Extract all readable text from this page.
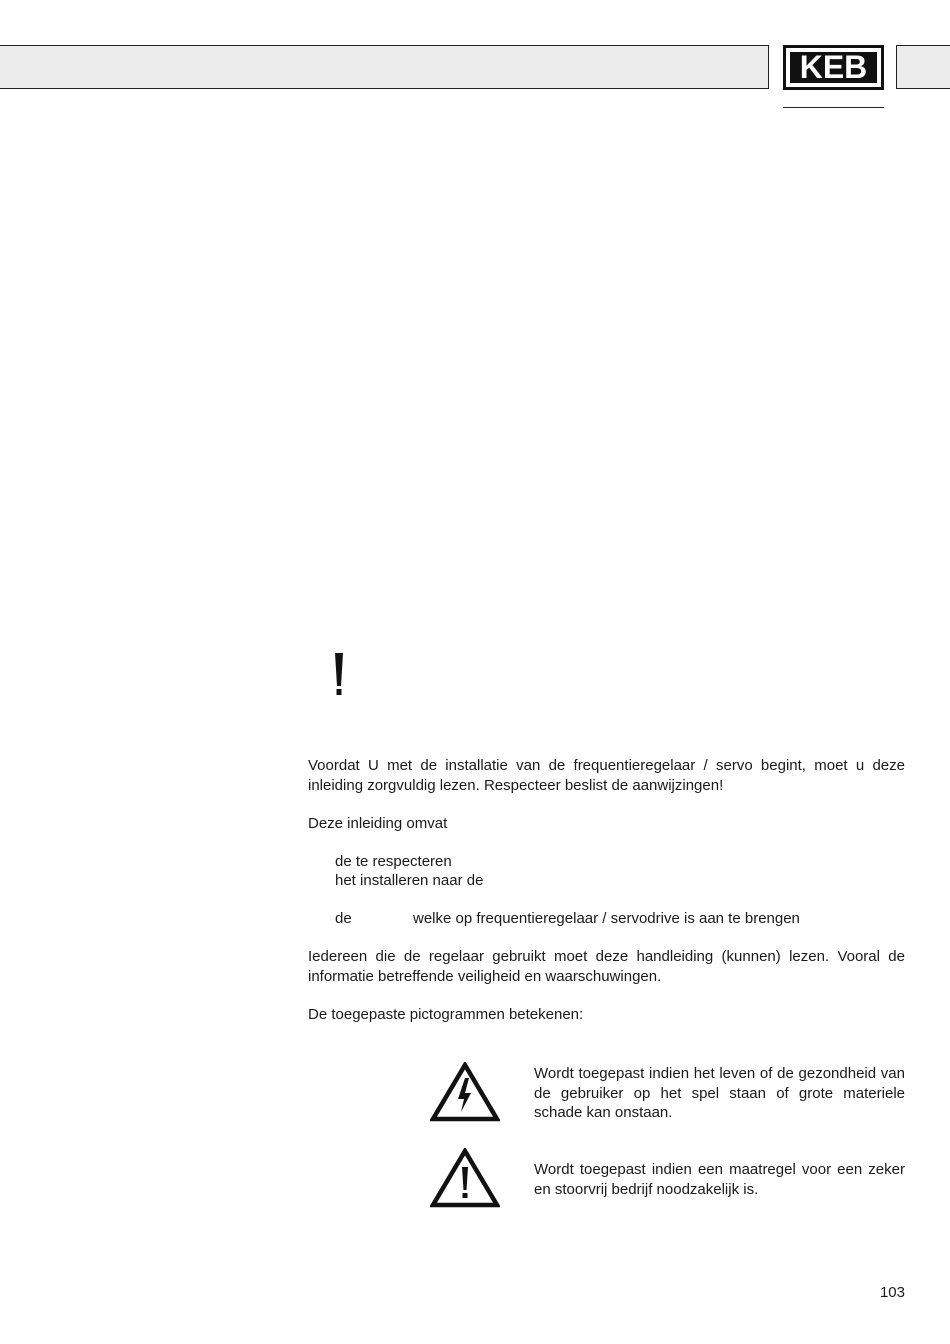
KEB

Voordat U met de installatie van de frequentieregelaar / servo begint, moet u deze inleiding zorgvuldig lezen. Respecteer beslist de aanwijzingen!

Deze inleiding omvat

de te respecteren

het installeren naar de

de	welke op frequentieregelaar / servodrive is aan te brengen

Iedereen die de regelaar gebruikt moet deze handleiding (kunnen) lezen. Vooral de informatie betreffende veiligheid en waarschuwingen.

De toegepaste pictogrammen betekenen:

Wordt toegepast indien het leven of de gezondheid van de gebruiker op het spel staan of grote materiele schade kan onstaan.

Wordt toegepast indien een maatregel voor een zeker en stoorvrij bedrijf noodzakelijk is.

103
